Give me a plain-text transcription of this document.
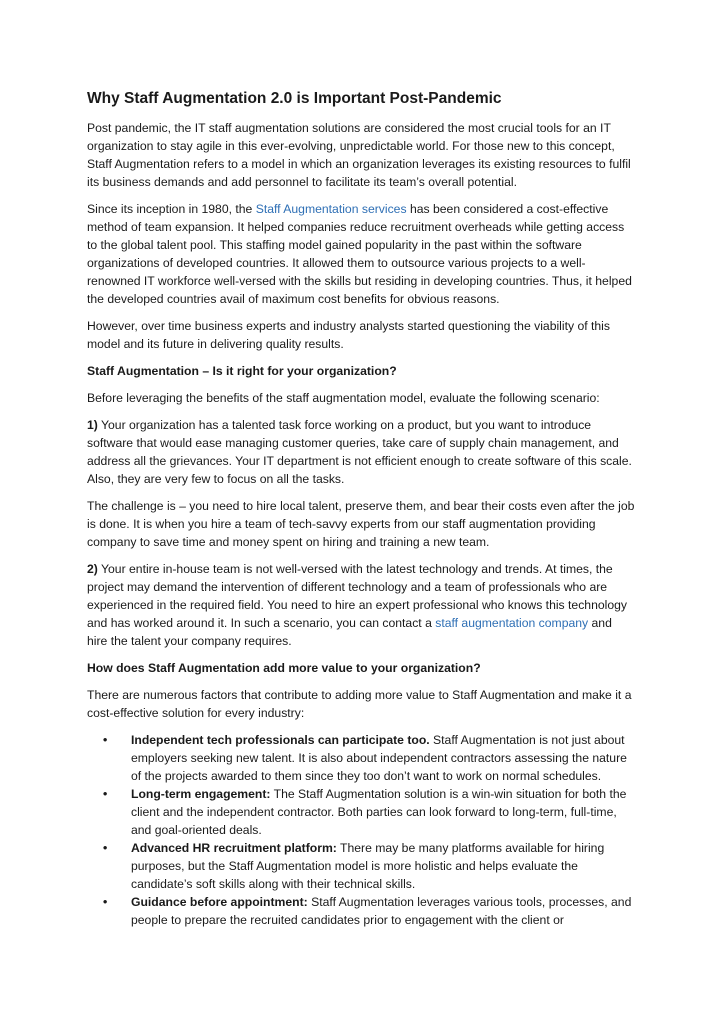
Why Staff Augmentation 2.0 is Important Post-Pandemic

Post pandemic, the IT staff augmentation solutions are considered the most crucial tools for an IT organization to stay agile in this ever-evolving, unpredictable world. For those new to this concept, Staff Augmentation refers to a model in which an organization leverages its existing resources to fulfil its business demands and add personnel to facilitate its team’s overall potential.

Since its inception in 1980, the Staff Augmentation services has been considered a cost-effective method of team expansion. It helped companies reduce recruitment overheads while getting access to the global talent pool. This staffing model gained popularity in the past within the software organizations of developed countries. It allowed them to outsource various projects to a well-renowned IT workforce well-versed with the skills but residing in developing countries. Thus, it helped the developed countries avail of maximum cost benefits for obvious reasons.

However, over time business experts and industry analysts started questioning the viability of this model and its future in delivering quality results.

Staff Augmentation – Is it right for your organization?

Before leveraging the benefits of the staff augmentation model, evaluate the following scenario:

1) Your organization has a talented task force working on a product, but you want to introduce software that would ease managing customer queries, take care of supply chain management, and address all the grievances. Your IT department is not efficient enough to create software of this scale. Also, they are very few to focus on all the tasks.

The challenge is – you need to hire local talent, preserve them, and bear their costs even after the job is done. It is when you hire a team of tech-savvy experts from our staff augmentation providing company to save time and money spent on hiring and training a new team.

2) Your entire in-house team is not well-versed with the latest technology and trends. At times, the project may demand the intervention of different technology and a team of professionals who are experienced in the required field. You need to hire an expert professional who knows this technology and has worked around it. In such a scenario, you can contact a staff augmentation company and hire the talent your company requires.

How does Staff Augmentation add more value to your organization?

There are numerous factors that contribute to adding more value to Staff Augmentation and make it a cost-effective solution for every industry:

• Independent tech professionals can participate too. Staff Augmentation is not just about employers seeking new talent. It is also about independent contractors assessing the nature of the projects awarded to them since they too don’t want to work on normal schedules.
• Long-term engagement: The Staff Augmentation solution is a win-win situation for both the client and the independent contractor. Both parties can look forward to long-term, full-time, and goal-oriented deals.
• Advanced HR recruitment platform: There may be many platforms available for hiring purposes, but the Staff Augmentation model is more holistic and helps evaluate the candidate’s soft skills along with their technical skills.
• Guidance before appointment: Staff Augmentation leverages various tools, processes, and people to prepare the recruited candidates prior to engagement with the client or
